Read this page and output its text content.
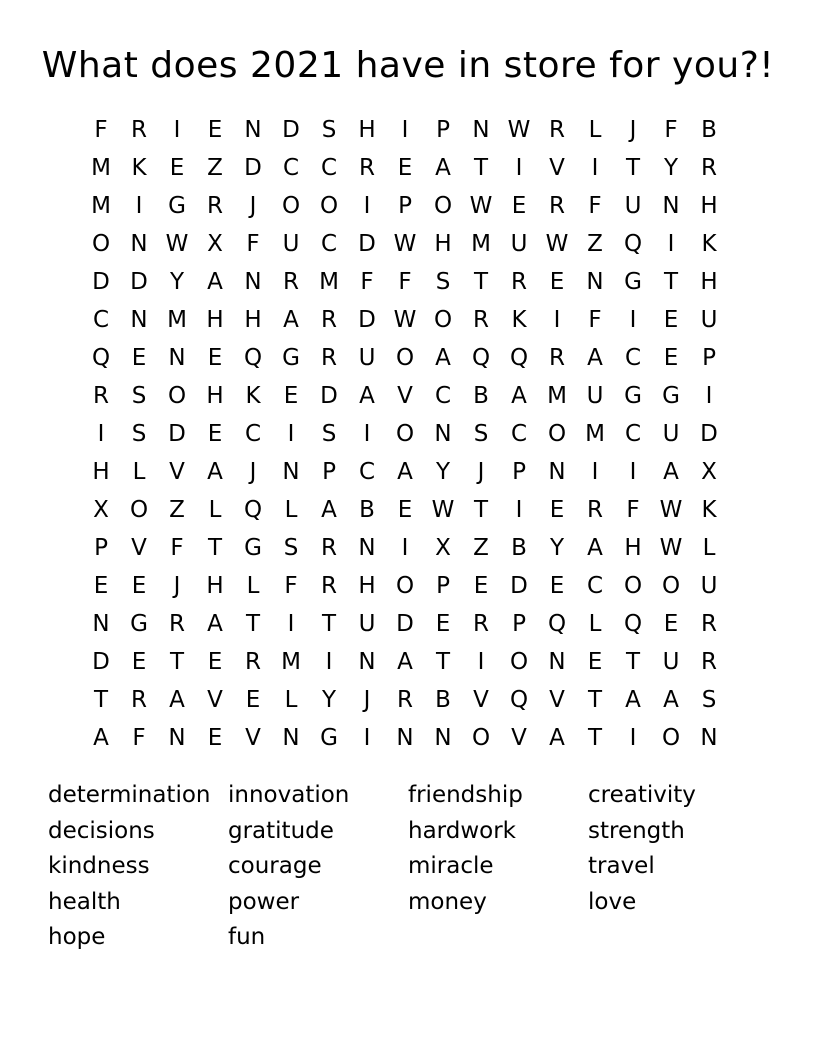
What does 2021 have in store for you?!
F	R	I	E N D S H	I	P N W R	L	J	F	B
M K	E Z D C C R E A	T	I	V	I	T	Y R
M	I	G R	J	O O	I	P O W E R	F U N H
O N W X	F U C D W H M U W Z Q	I	K
D D Y	A N R M F	F	S	T R E N G T H
C N M H H A R D W O R K	I	F	I	E U
Q E N E Q G R U O A Q Q R A C E	P
R S O H K	E D A V C B A M U G G	I
I	S D E C	I	S	I	O N S C O M C U D
H L	V A	J	N P	C A	Y	J	P N	I	I	A X
X O Z	L Q L	A B E W T	I	E R	F W K
P	V	F	T G S R N	I	X Z B	Y	A H W L
E	E	J	H L	F	R H O P	E D E C O O U
N G R A	T	I	T U D E R	P Q L Q E R
D E	T	E R M	I	N A	T	I	O N E	T U R
T R A V E	L	Y	J	R B V Q V	T	A A S
A	F N E V N G	I	N N O V A	T	I	O N
determination innovation	friendship	creativity
decisions	gratitude	hardwork	strength
kindness	courage	miracle	travel
health	power	money	love
hope	fun
